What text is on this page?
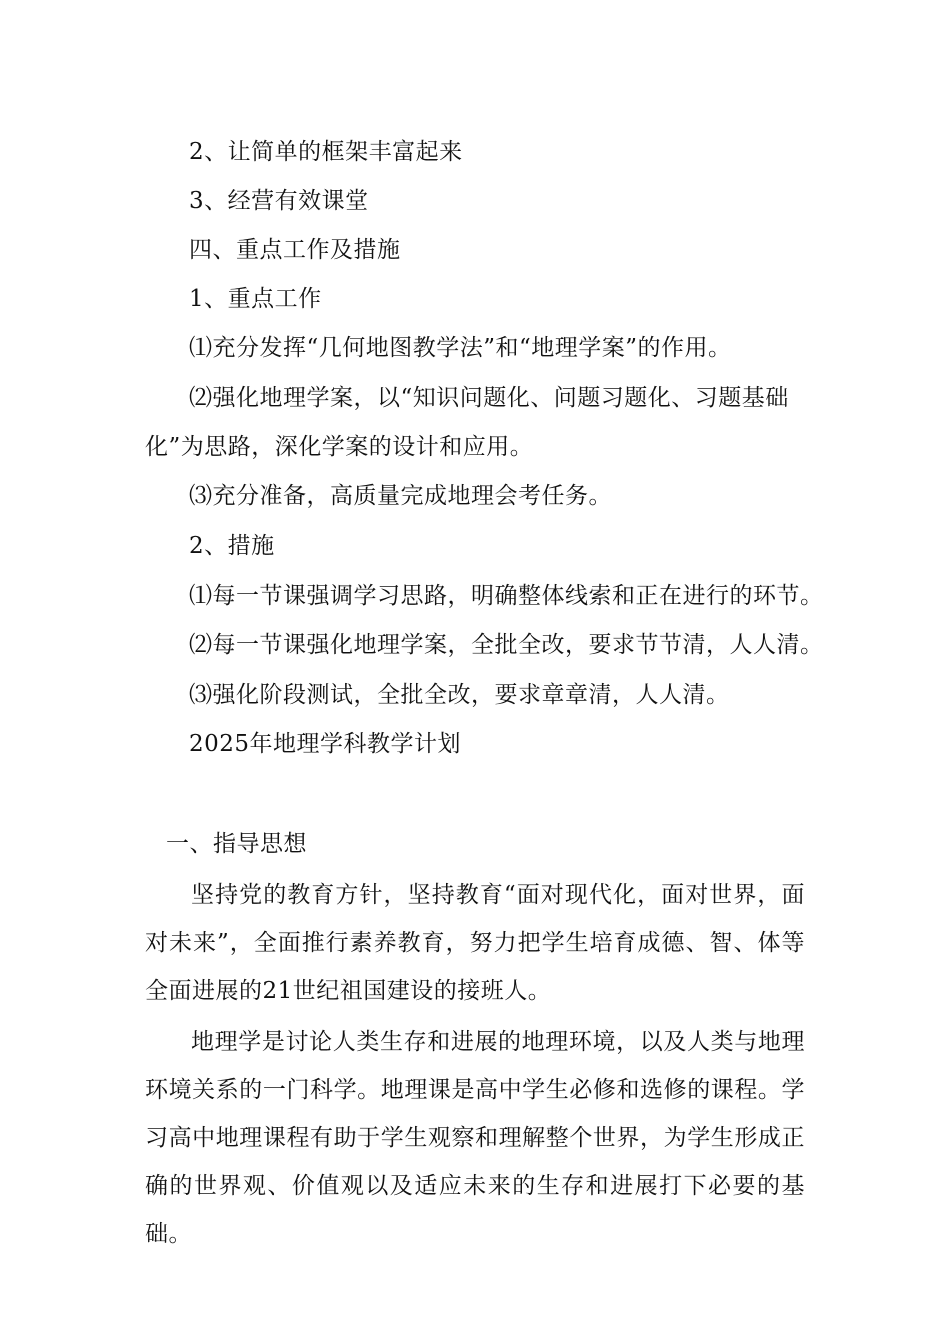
2、让简单的框架丰富起来
3、经营有效课堂
四、重点工作及措施
1、重点工作
⑴充分发挥“几何地图教学法”和“地理学案”的作用。
⑵强化地理学案，以“知识问题化、问题习题化、习题基础
化”为思路，深化学案的设计和应用。
⑶充分准备，高质量完成地理会考任务。
2、措施
⑴每一节课强调学习思路，明确整体线索和正在进行的环节。
⑵每一节课强化地理学案，全批全改，要求节节清，人人清。
⑶强化阶段测试，全批全改，要求章章清，人人清。
2025年地理学科教学计划
一、指导思想
坚持党的教育方针，坚持教育“面对现代化，面对世界，面对未来”，全面推行素养教育，努力把学生培育成德、智、体等全面进展的21世纪祖国建设的接班人。
地理学是讨论人类生存和进展的地理环境，以及人类与地理环境关系的一门科学。地理课是高中学生必修和选修的课程。学习高中地理课程有助于学生观察和理解整个世界，为学生形成正确的世界观、价值观以及适应未来的生存和进展打下必要的基础。
